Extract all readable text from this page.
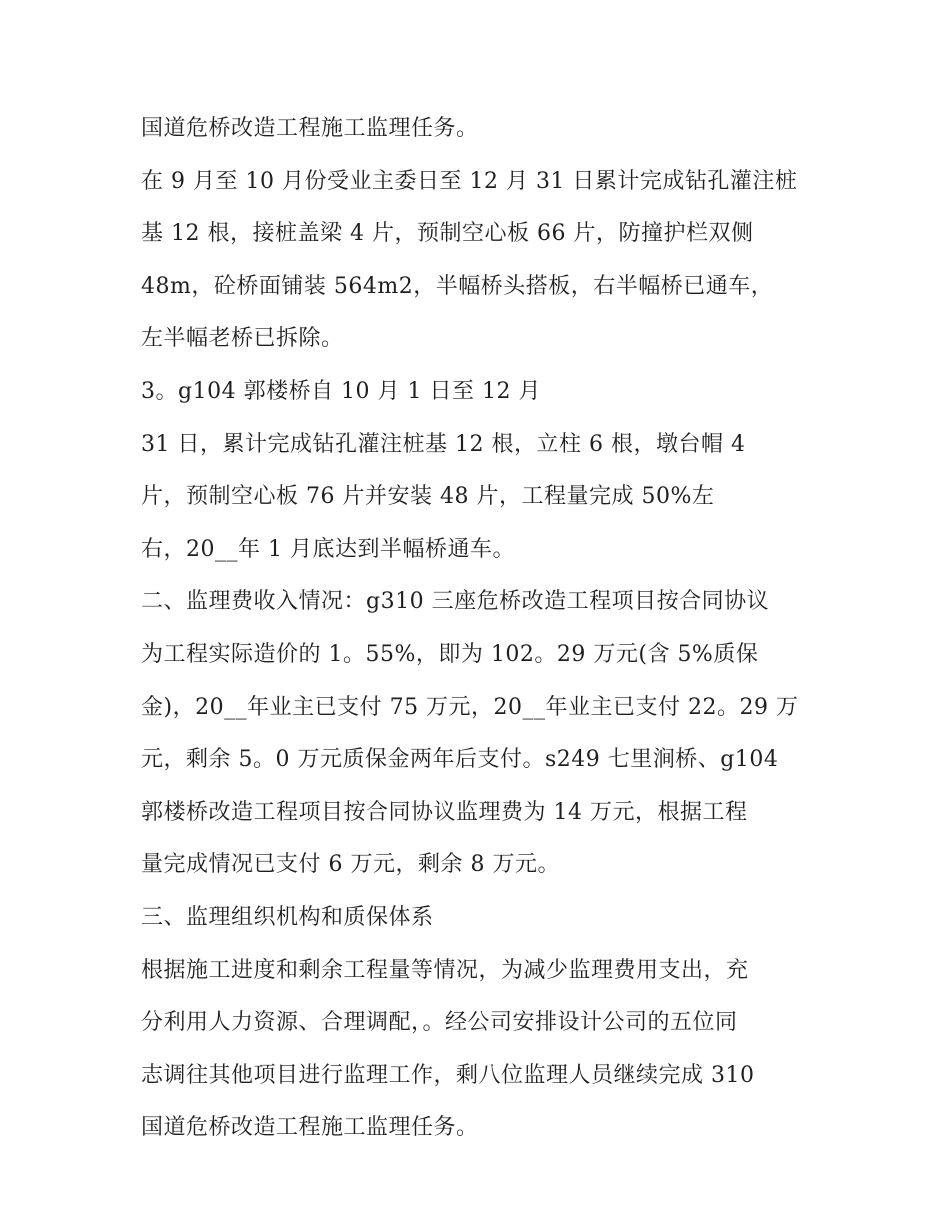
国道危桥改造工程施工监理任务。
在 9 月至 10 月份受业主委日至 12 月 31 日累计完成钻孔灌注桩
基 12 根，接桩盖梁 4 片，预制空心板 66 片，防撞护栏双侧
48m，砼桥面铺装 564m2，半幅桥头搭板，右半幅桥已通车，
左半幅老桥已拆除。
3。g104 郭楼桥自 10 月 1 日至 12 月
31 日，累计完成钻孔灌注桩基 12 根，立柱 6 根，墩台帽 4
片，预制空心板 76 片并安装 48 片，工程量完成 50%左
右，20__年 1 月底达到半幅桥通车。
二、监理费收入情况：g310 三座危桥改造工程项目按合同协议
为工程实际造价的 1。55%，即为 102。29 万元(含 5%质保
金)，20__年业主已支付 75 万元，20__年业主已支付 22。29 万
元，剩余 5。0 万元质保金两年后支付。s249 七里涧桥、g104
郭楼桥改造工程项目按合同协议监理费为 14 万元，根据工程
量完成情况已支付 6 万元，剩余 8 万元。
三、监理组织机构和质保体系
根据施工进度和剩余工程量等情况，为减少监理费用支出，充
分利用人力资源、合理调配，。经公司安排设计公司的五位同
志调往其他项目进行监理工作，剩八位监理人员继续完成 310
国道危桥改造工程施工监理任务。
